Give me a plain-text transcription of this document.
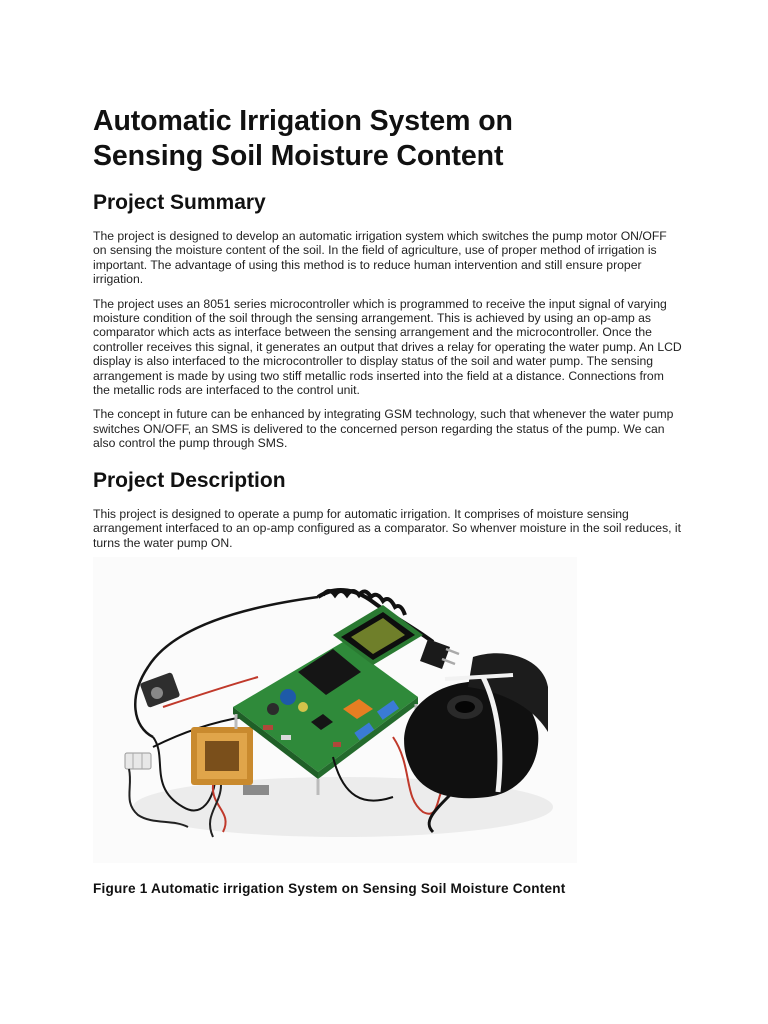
Automatic Irrigation System on
Sensing Soil Moisture Content
Project Summary

The project is designed to develop an automatic irrigation system which switches the pump motor ON/OFF on sensing the moisture content of the soil. In the field of agriculture, use of proper method of irrigation is important. The advantage of using this method is to reduce human intervention and still ensure proper irrigation.

The project uses an 8051 series microcontroller which is programmed to receive the input signal of varying moisture condition of the soil through the sensing arrangement. This is achieved by using an op-amp as comparator which acts as interface between the sensing arrangement and the microcontroller. Once the controller receives this signal, it generates an output that drives a relay for operating the water pump. An LCD display is also interfaced to the microcontroller to display status of the soil and water pump. The sensing arrangement is made by using two stiff metallic rods inserted into the field at a distance. Connections from the metallic rods are interfaced to the control unit.

The concept in future can be enhanced by integrating GSM technology, such that whenever the water pump switches ON/OFF, an SMS is delivered to the concerned person regarding the status of the pump. We can also control the pump through SMS.

Project Description

This project is designed to operate a pump for automatic irrigation. It comprises of moisture sensing arrangement interfaced to an op-amp configured as a comparator. So whenver moisture in the soil reduces, it turns the water pump ON.

Figure 1 Automatic irrigation System on Sensing Soil Moisture Content
